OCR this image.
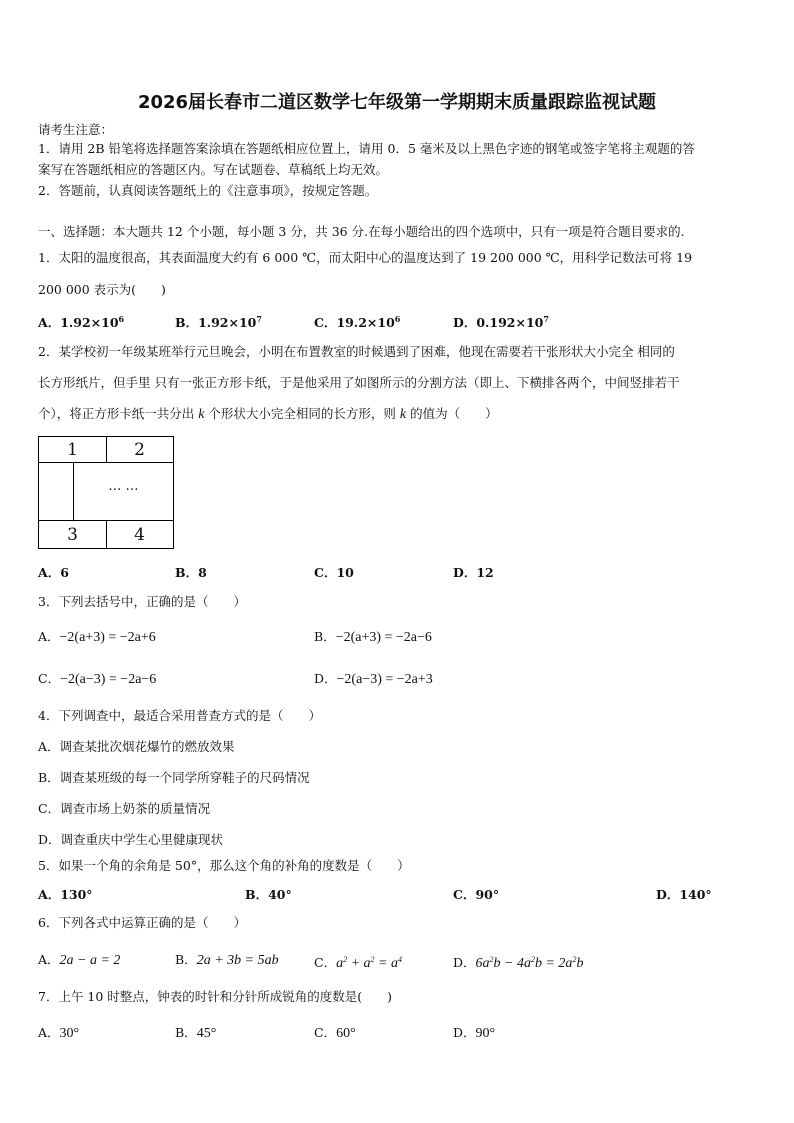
2026届长春市二道区数学七年级第一学期期末质量跟踪监视试题
请考生注意：
1．请用 2B 铅笔将选择题答案涂填在答题纸相应位置上，请用 0．5 毫米及以上黑色字迹的钢笔或签字笔将主观题的答
案写在答题纸相应的答题区内。写在试题卷、草稿纸上均无效。
2．答题前，认真阅读答题纸上的《注意事项》，按规定答题。
一、选择题：本大题共 12 个小题，每小题 3 分，共 36 分.在每小题给出的四个选项中，只有一项是符合题目要求的.
1．太阳的温度很高，其表面温度大约有 6 000 ℃，而太阳中心的温度达到了 19 200 000 ℃，用科学记数法可将 19
200 000 表示为(　　)
A．$1.92\times 10^6$	B．$1.92\times 10^7$	C．$19.2\times 10^6$	D．$0.192\times 10^7$
2．某学校初一年级某班举行元旦晚会，小明在布置教室的时候遇到了困难，他现在需要若干张形状大小完全 相同的
长方形纸片，但手里 只有一张正方形卡纸，于是他采用了如图所示的分割方法（即上、下横排各两个，中间竖排若干
个），将正方形卡纸一共分出 k 个形状大小完全相同的长方形，则 k 的值为（　　）
1	2
… …
3	4
A．6	B．8	C．10	D．12
3．下列去括号中，正确的是（　　）
A．−2(a+3) = −2a+6	B．−2(a+3) = −2a−6
C．−2(a−3) = −2a−6	D．−2(a−3) = −2a+3
4．下列调查中，最适合采用普查方式的是（　　）
A．调查某批次烟花爆竹的燃放效果
B．调查某班级的每一个同学所穿鞋子的尺码情况
C．调查市场上奶茶的质量情况
D．调查重庆中学生心里健康现状
5．如果一个角的余角是 50°，那么这个角的补角的度数是（　　）
A．130°	B．40°	C．90°	D．140°
6．下列各式中运算正确的是（　　）
A．2a − a = 2	B．2a + 3b = 5ab	C．$a^2 + a^2 = a^4$	D．$6a^2b - 4a^2b = 2a^2b$
7．上午 10 时整点，钟表的时针和分针所成锐角的度数是(　　)
A．30°	B．45°	C．60°	D．90°
